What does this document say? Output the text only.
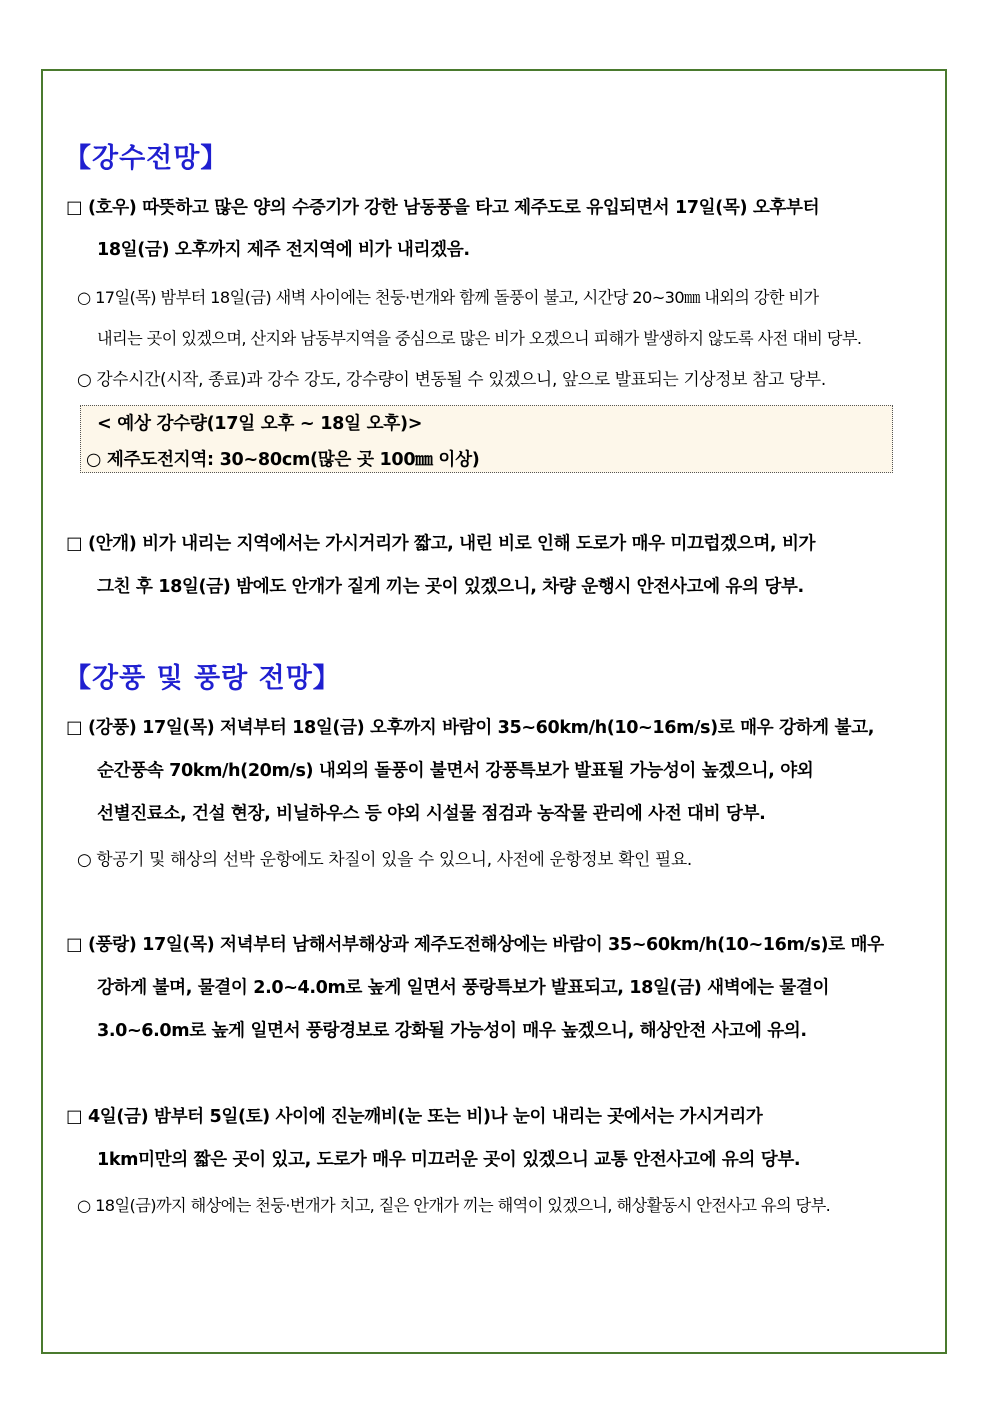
【강수전망】
□ (호우) 따뜻하고 많은 양의 수증기가 강한 남동풍을 타고 제주도로 유입되면서 17일(목) 오후부터
18일(금) 오후까지 제주 전지역에 비가 내리겠음.
○ 17일(목) 밤부터 18일(금) 새벽 사이에는 천둥·번개와 함께 돌풍이 불고, 시간당 20~30㎜ 내외의 강한 비가
내리는 곳이 있겠으며, 산지와 남동부지역을 중심으로 많은 비가 오겠으니 피해가 발생하지 않도록 사전 대비 당부.
○ 강수시간(시작, 종료)과 강수 강도, 강수량이 변동될 수 있겠으니, 앞으로 발표되는 기상정보 참고 당부.
< 예상 강수량(17일 오후 ~ 18일 오후)>
○ 제주도전지역: 30~80cm(많은 곳 100㎜ 이상)
□ (안개) 비가 내리는 지역에서는 가시거리가 짧고, 내린 비로 인해 도로가 매우 미끄럽겠으며, 비가
그친 후 18일(금) 밤에도 안개가 짙게 끼는 곳이 있겠으니, 차량 운행시 안전사고에 유의 당부.
【강풍 및 풍랑 전망】
□ (강풍) 17일(목) 저녁부터 18일(금) 오후까지 바람이 35~60km/h(10~16m/s)로 매우 강하게 불고,
순간풍속 70km/h(20m/s) 내외의 돌풍이 불면서 강풍특보가 발표될 가능성이 높겠으니, 야외
선별진료소, 건설 현장, 비닐하우스 등 야외 시설물 점검과 농작물 관리에 사전 대비 당부.
○ 항공기 및 해상의 선박 운항에도 차질이 있을 수 있으니, 사전에 운항정보 확인 필요.
□ (풍랑) 17일(목) 저녁부터 남해서부해상과 제주도전해상에는 바람이 35~60km/h(10~16m/s)로 매우
강하게 불며, 물결이 2.0~4.0m로 높게 일면서 풍랑특보가 발표되고, 18일(금) 새벽에는 물결이
3.0~6.0m로 높게 일면서 풍랑경보로 강화될 가능성이 매우 높겠으니, 해상안전 사고에 유의.
□ 4일(금) 밤부터 5일(토) 사이에 진눈깨비(눈 또는 비)나 눈이 내리는 곳에서는 가시거리가
1km미만의 짧은 곳이 있고, 도로가 매우 미끄러운 곳이 있겠으니 교통 안전사고에 유의 당부.
○ 18일(금)까지 해상에는 천둥·번개가 치고, 짙은 안개가 끼는 해역이 있겠으니, 해상활동시 안전사고 유의 당부.
